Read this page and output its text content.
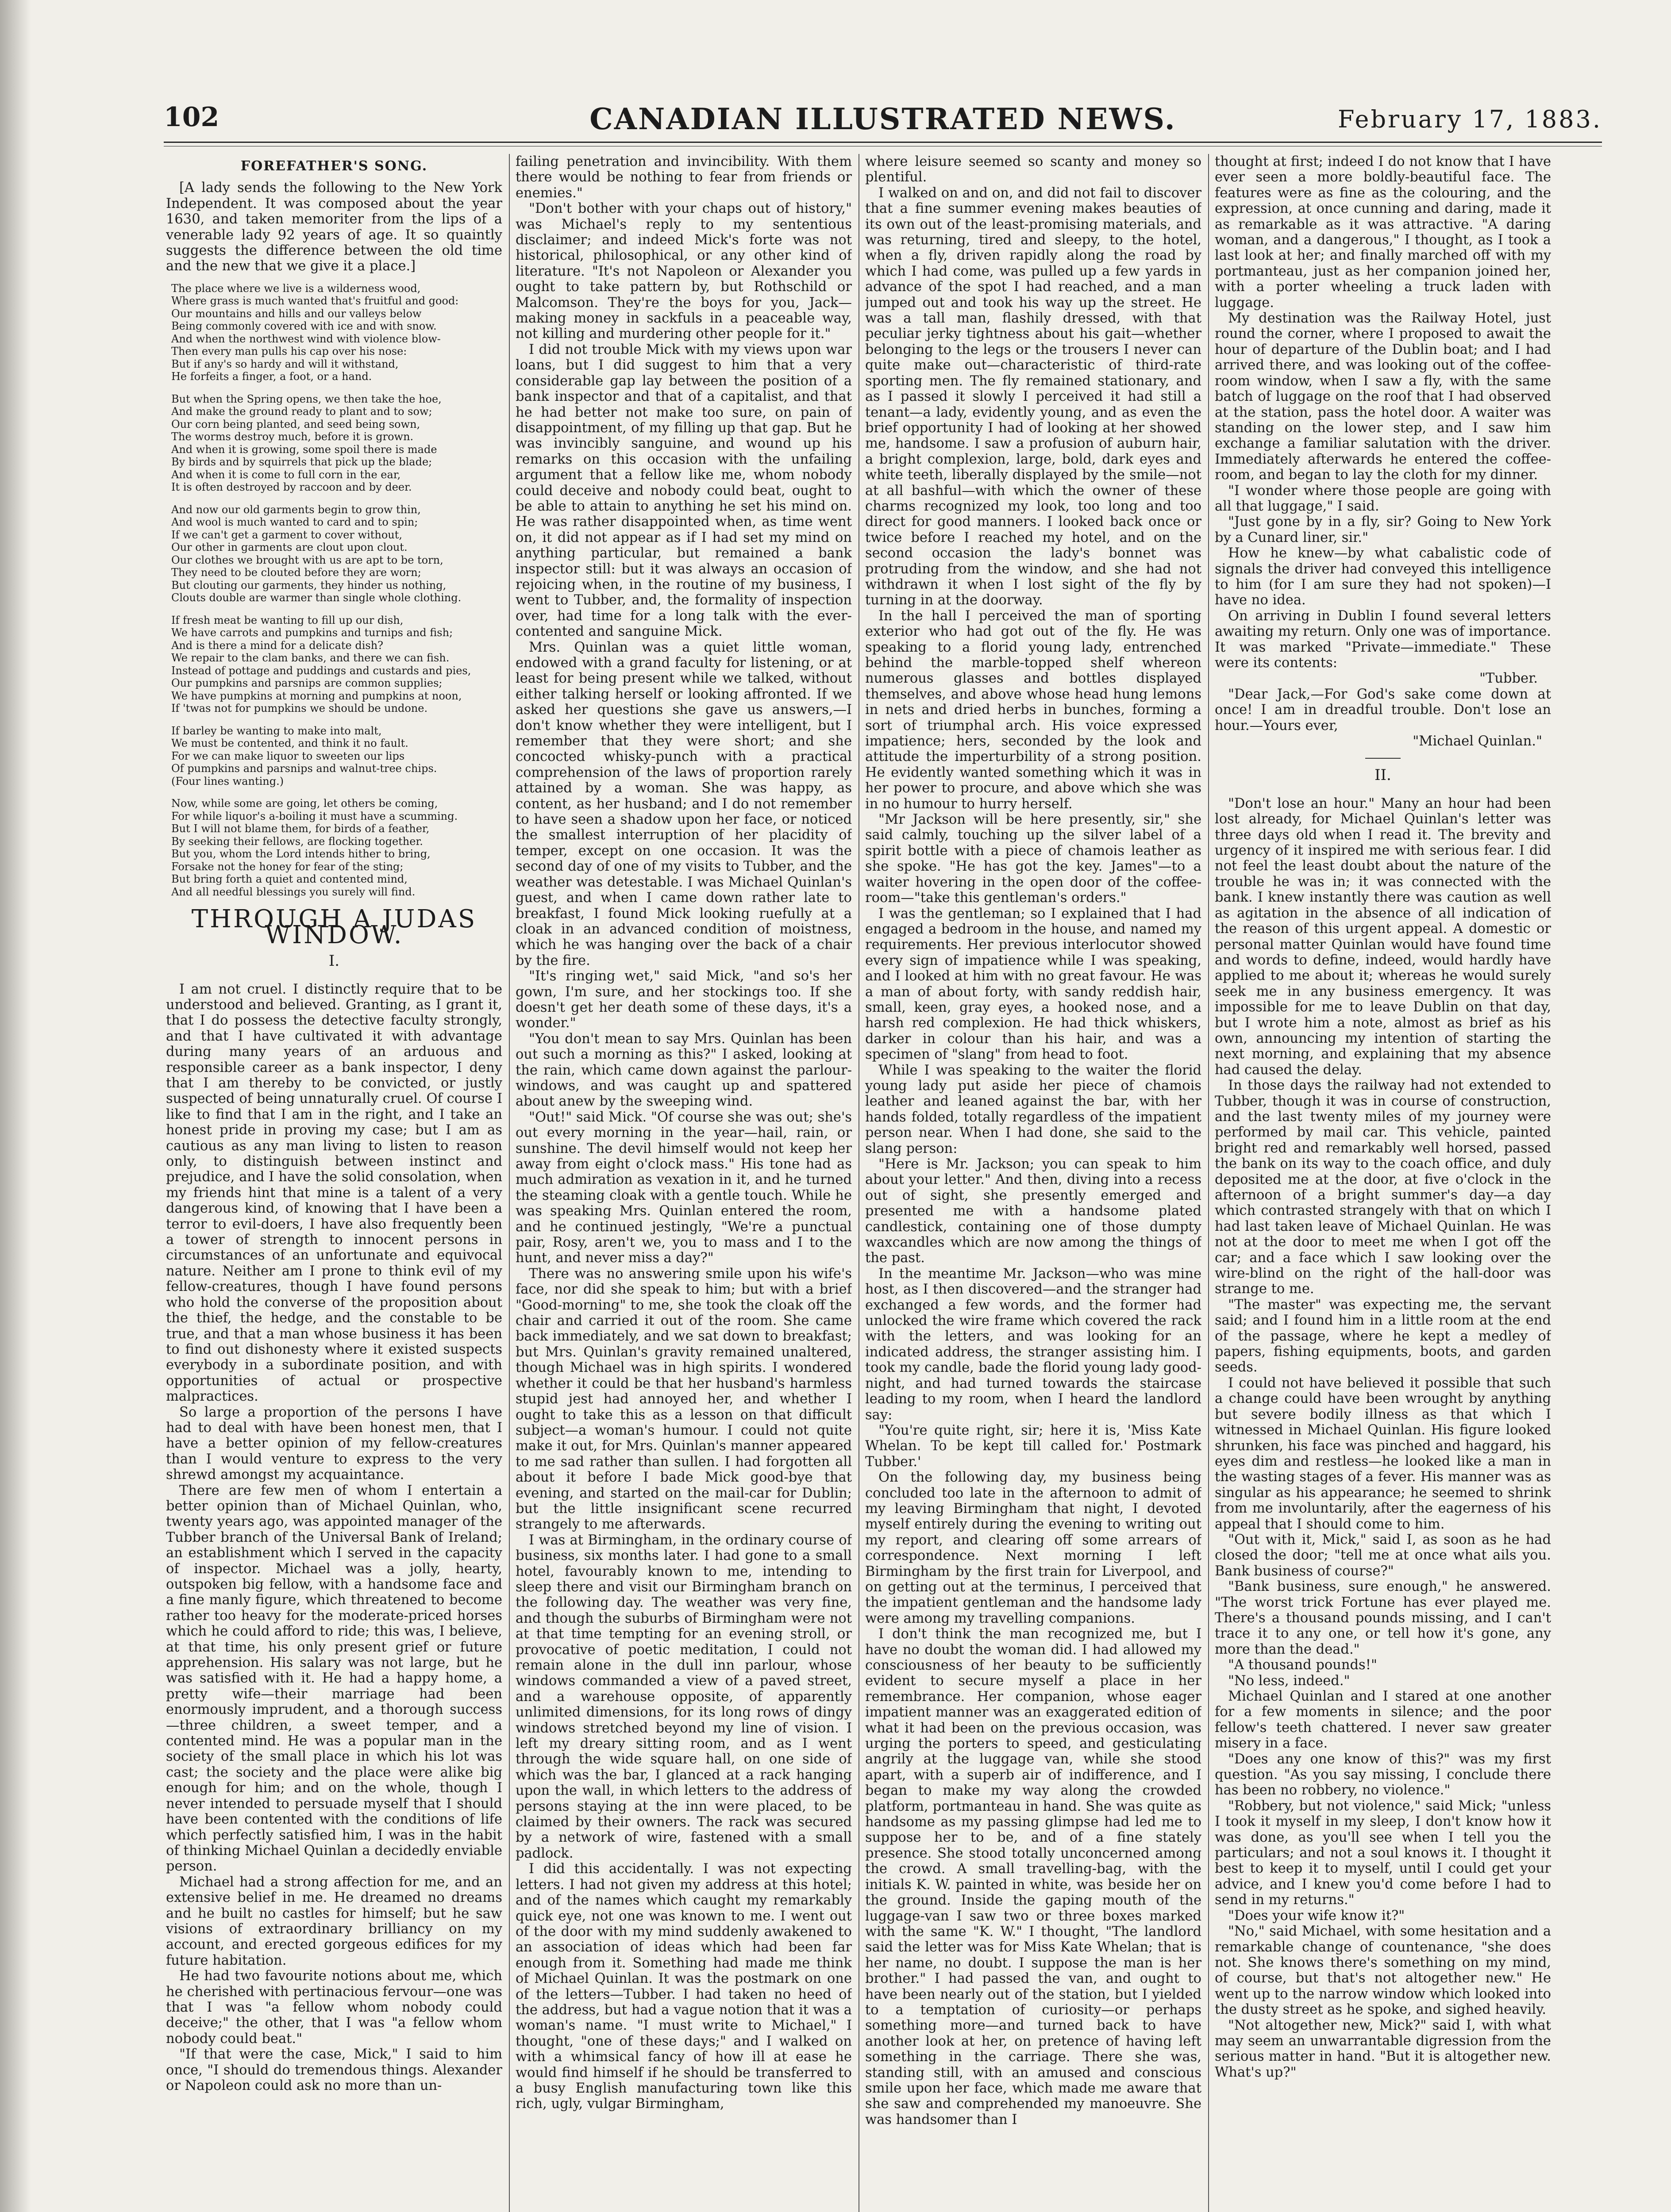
102	CANADIAN ILLUSTRATED NEWS.	February 17, 1883.
FOREFATHER'S SONG.

[A lady sends the following to the New York Independent. It was composed about the year 1630, and taken memoriter from the lips of a venerable lady 92 years of age. It so quaintly suggests the difference between the old time and the new that we give it a place.]

The place where we live is a wilderness wood,
Where grass is much wanted that's fruitful and good:
Our mountains and hills and our valleys below
Being commonly covered with ice and with snow.
And when the northwest wind with violence blow-
Then every man pulls his cap over his nose:
But if any's so hardy and will it withstand,
He forfeits a finger, a foot, or a hand.
But when the Spring opens, we then take the hoe,
And make the ground ready to plant and to sow;
Our corn being planted, and seed being sown,
The worms destroy much, before it is grown.
And when it is growing, some spoil there is made
By birds and by squirrels that pick up the blade;
And when it is come to full corn in the ear,
It is often destroyed by raccoon and by deer.
And now our old garments begin to grow thin,
And wool is much wanted to card and to spin;
If we can't get a garment to cover without,
Our other in garments are clout upon clout.
Our clothes we brought with us are apt to be torn,
They need to be clouted before they are worn;
But clouting our garments, they hinder us nothing,
Clouts double are warmer than single whole clothing.
If fresh meat be wanting to fill up our dish,
We have carrots and pumpkins and turnips and fish;
And is there a mind for a delicate dish?
We repair to the clam banks, and there we can fish.
Instead of pottage and puddings and custards and pies,
Our pumpkins and parsnips are common supplies;
We have pumpkins at morning and pumpkins at noon,
If 'twas not for pumpkins we should be undone.
If barley be wanting to make into malt,
We must be contented, and think it no fault.
For we can make liquor to sweeten our lips
Of pumpkins and parsnips and walnut-tree chips.
(Four lines wanting.)
Now, while some are going, let others be coming,
For while liquor's a-boiling it must have a scumming.
But I will not blame them, for birds of a feather,
By seeking their fellows, are flocking together.
But you, whom the Lord intends hither to bring,
Forsake not the honey for fear of the sting;
But bring forth a quiet and contented mind,
And all needful blessings you surely will find.
THROUGH A JUDAS WINDOW.
I.

I am not cruel. I distinctly require that to be understood and believed. Granting, as I grant it, that I do possess the detective faculty strongly, and that I have cultivated it with advantage during many years of an arduous and responsible career as a bank inspector, I deny that I am thereby to be convicted, or justly suspected of being unnaturally cruel. Of course I like to find that I am in the right, and I take an honest pride in proving my case; but I am as cautious as any man living to listen to reason only, to distinguish between instinct and prejudice, and I have the solid consolation, when my friends hint that mine is a talent of a very dangerous kind, of knowing that I have been a terror to evil-doers, I have also frequently been a tower of strength to innocent persons in circumstances of an unfortunate and equivocal nature. Neither am I prone to think evil of my fellow-creatures, though I have found persons who hold the converse of the proposition about the thief, the hedge, and the constable to be true, and that a man whose business it has been to find out dishonesty where it existed suspects everybody in a subordinate position, and with opportunities of actual or prospective malpractices.

So large a proportion of the persons I have had to deal with have been honest men, that I have a better opinion of my fellow-creatures than I would venture to express to the very shrewd amongst my acquaintance.

There are few men of whom I entertain a better opinion than of Michael Quinlan, who, twenty years ago, was appointed manager of the Tubber branch of the Universal Bank of Ireland; an establishment which I served in the capacity of inspector. Michael was a jolly, hearty, outspoken big fellow, with a handsome face and a fine manly figure, which threatened to become rather too heavy for the moderate-priced horses which he could afford to ride; this was, I believe, at that time, his only present grief or future apprehension. His salary was not large, but he was satisfied with it. He had a happy home, a pretty wife—their marriage had been enormously imprudent, and a thorough success—three children, a sweet temper, and a contented mind. He was a popular man in the society of the small place in which his lot was cast; the society and the place were alike big enough for him; and on the whole, though I never intended to persuade myself that I should have been contented with the conditions of life which perfectly satisfied him, I was in the habit of thinking Michael Quinlan a decidedly enviable person.

Michael had a strong affection for me, and an extensive belief in me. He dreamed no dreams and he built no castles for himself; but he saw visions of extraordinary brilliancy on my account, and erected gorgeous edifices for my future habitation.

He had two favourite notions about me, which he cherished with pertinacious fervour—one was that I was "a fellow whom nobody could deceive;" the other, that I was "a fellow whom nobody could beat."

"If that were the case, Mick," I said to him once, "I should do tremendous things. Alexander or Napoleon could ask no more than un-

failing penetration and invincibility. With them there would be nothing to fear from friends or enemies."

"Don't bother with your chaps out of history," was Michael's reply to my sententious disclaimer; and indeed Mick's forte was not historical, philosophical, or any other kind of literature. "It's not Napoleon or Alexander you ought to take pattern by, but Rothschild or Malcomson. They're the boys for you, Jack—making money in sackfuls in a peaceable way, not killing and murdering other people for it."

I did not trouble Mick with my views upon war loans, but I did suggest to him that a very considerable gap lay between the position of a bank inspector and that of a capitalist, and that he had better not make too sure, on pain of disappointment, of my filling up that gap. But he was invincibly sanguine, and wound up his remarks on this occasion with the unfailing argument that a fellow like me, whom nobody could deceive and nobody could beat, ought to be able to attain to anything he set his mind on. He was rather disappointed when, as time went on, it did not appear as if I had set my mind on anything particular, but remained a bank inspector still: but it was always an occasion of rejoicing when, in the routine of my business, I went to Tubber, and, the formality of inspection over, had time for a long talk with the ever-contented and sanguine Mick.

Mrs. Quinlan was a quiet little woman, endowed with a grand faculty for listening, or at least for being present while we talked, without either talking herself or looking affronted. If we asked her questions she gave us answers,—I don't know whether they were intelligent, but I remember that they were short; and she concocted whisky-punch with a practical comprehension of the laws of proportion rarely attained by a woman. She was happy, as content, as her husband; and I do not remember to have seen a shadow upon her face, or noticed the smallest interruption of her placidity of temper, except on one occasion. It was the second day of one of my visits to Tubber, and the weather was detestable. I was Michael Quinlan's guest, and when I came down rather late to breakfast, I found Mick looking ruefully at a cloak in an advanced condition of moistness, which he was hanging over the back of a chair by the fire.

"It's ringing wet," said Mick, "and so's her gown, I'm sure, and her stockings too. If she doesn't get her death some of these days, it's a wonder."

"You don't mean to say Mrs. Quinlan has been out such a morning as this?" I asked, looking at the rain, which came down against the parlour-windows, and was caught up and spattered about anew by the sweeping wind.

"Out!" said Mick. "Of course she was out; she's out every morning in the year—hail, rain, or sunshine. The devil himself would not keep her away from eight o'clock mass." His tone had as much admiration as vexation in it, and he turned the steaming cloak with a gentle touch. While he was speaking Mrs. Quinlan entered the room, and he continued jestingly, "We're a punctual pair, Rosy, aren't we, you to mass and I to the hunt, and never miss a day?"

There was no answering smile upon his wife's face, nor did she speak to him; but with a brief "Good-morning" to me, she took the cloak off the chair and carried it out of the room. She came back immediately, and we sat down to breakfast; but Mrs. Quinlan's gravity remained unaltered, though Michael was in high spirits. I wondered whether it could be that her husband's harmless stupid jest had annoyed her, and whether I ought to take this as a lesson on that difficult subject—a woman's humour. I could not quite make it out, for Mrs. Quinlan's manner appeared to me sad rather than sullen. I had forgotten all about it before I bade Mick good-bye that evening, and started on the mail-car for Dublin; but the little insignificant scene recurred strangely to me afterwards.

I was at Birmingham, in the ordinary course of business, six months later. I had gone to a small hotel, favourably known to me, intending to sleep there and visit our Birmingham branch on the following day. The weather was very fine, and though the suburbs of Birmingham were not at that time tempting for an evening stroll, or provocative of poetic meditation, I could not remain alone in the dull inn parlour, whose windows commanded a view of a paved street, and a warehouse opposite, of apparently unlimited dimensions, for its long rows of dingy windows stretched beyond my line of vision. I left my dreary sitting room, and as I went through the wide square hall, on one side of which was the bar, I glanced at a rack hanging upon the wall, in which letters to the address of persons staying at the inn were placed, to be claimed by their owners. The rack was secured by a network of wire, fastened with a small padlock.

I did this accidentally. I was not expecting letters. I had not given my address at this hotel; and of the names which caught my remarkably quick eye, not one was known to me. I went out of the door with my mind suddenly awakened to an association of ideas which had been far enough from it. Something had made me think of Michael Quinlan. It was the postmark on one of the letters—Tubber. I had taken no heed of the address, but had a vague notion that it was a woman's name. "I must write to Michael," I thought, "one of these days;" and I walked on with a whimsical fancy of how ill at ease he would find himself if he should be transferred to a busy English manufacturing town like this rich, ugly, vulgar Birmingham,

where leisure seemed so scanty and money so plentiful.

I walked on and on, and did not fail to discover that a fine summer evening makes beauties of its own out of the least-promising materials, and was returning, tired and sleepy, to the hotel, when a fly, driven rapidly along the road by which I had come, was pulled up a few yards in advance of the spot I had reached, and a man jumped out and took his way up the street. He was a tall man, flashily dressed, with that peculiar jerky tightness about his gait—whether belonging to the legs or the trousers I never can quite make out—characteristic of third-rate sporting men. The fly remained stationary, and as I passed it slowly I perceived it had still a tenant—a lady, evidently young, and as even the brief opportunity I had of looking at her showed me, handsome. I saw a profusion of auburn hair, a bright complexion, large, bold, dark eyes and white teeth, liberally displayed by the smile—not at all bashful—with which the owner of these charms recognized my look, too long and too direct for good manners. I looked back once or twice before I reached my hotel, and on the second occasion the lady's bonnet was protruding from the window, and she had not withdrawn it when I lost sight of the fly by turning in at the doorway.

In the hall I perceived the man of sporting exterior who had got out of the fly. He was speaking to a florid young lady, entrenched behind the marble-topped shelf whereon numerous glasses and bottles displayed themselves, and above whose head hung lemons in nets and dried herbs in bunches, forming a sort of triumphal arch. His voice expressed impatience; hers, seconded by the look and attitude the imperturbility of a strong position. He evidently wanted something which it was in her power to procure, and above which she was in no humour to hurry herself.

"Mr Jackson will be here presently, sir," she said calmly, touching up the silver label of a spirit bottle with a piece of chamois leather as she spoke. "He has got the key. James"—to a waiter hovering in the open door of the coffee-room—"take this gentleman's orders."

I was the gentleman; so I explained that I had engaged a bedroom in the house, and named my requirements. Her previous interlocutor showed every sign of impatience while I was speaking, and I looked at him with no great favour. He was a man of about forty, with sandy reddish hair, small, keen, gray eyes, a hooked nose, and a harsh red complexion. He had thick whiskers, darker in colour than his hair, and was a specimen of "slang" from head to foot.

While I was speaking to the waiter the florid young lady put aside her piece of chamois leather and leaned against the bar, with her hands folded, totally regardless of the impatient person near. When I had done, she said to the slang person:

"Here is Mr. Jackson; you can speak to him about your letter." And then, diving into a recess out of sight, she presently emerged and presented me with a handsome plated candlestick, containing one of those dumpty waxcandles which are now among the things of the past.

In the meantime Mr. Jackson—who was mine host, as I then discovered—and the stranger had exchanged a few words, and the former had unlocked the wire frame which covered the rack with the letters, and was looking for an indicated address, the stranger assisting him. I took my candle, bade the florid young lady good-night, and had turned towards the staircase leading to my room, when I heard the landlord say:

"You're quite right, sir; here it is, 'Miss Kate Whelan. To be kept till called for.' Postmark Tubber.'

On the following day, my business being concluded too late in the afternoon to admit of my leaving Birmingham that night, I devoted myself entirely during the evening to writing out my report, and clearing off some arrears of correspondence. Next morning I left Birmingham by the first train for Liverpool, and on getting out at the terminus, I perceived that the impatient gentleman and the handsome lady were among my travelling companions.

I don't think the man recognized me, but I have no doubt the woman did. I had allowed my consciousness of her beauty to be sufficiently evident to secure myself a place in her remembrance. Her companion, whose eager impatient manner was an exaggerated edition of what it had been on the previous occasion, was urging the porters to speed, and gesticulating angrily at the luggage van, while she stood apart, with a superb air of indifference, and I began to make my way along the crowded platform, portmanteau in hand. She was quite as handsome as my passing glimpse had led me to suppose her to be, and of a fine stately presence. She stood totally unconcerned among the crowd. A small travelling-bag, with the initials K. W. painted in white, was beside her on the ground. Inside the gaping mouth of the luggage-van I saw two or three boxes marked with the same "K. W." I thought, "The landlord said the letter was for Miss Kate Whelan; that is her name, no doubt. I suppose the man is her brother." I had passed the van, and ought to have been nearly out of the station, but I yielded to a temptation of curiosity—or perhaps something more—and turned back to have another look at her, on pretence of having left something in the carriage. There she was, standing still, with an amused and conscious smile upon her face, which made me aware that she saw and comprehended my manoeuvre. She was handsomer than I

thought at first; indeed I do not know that I have ever seen a more boldly-beautiful face. The features were as fine as the colouring, and the expression, at once cunning and daring, made it as remarkable as it was attractive. "A daring woman, and a dangerous," I thought, as I took a last look at her; and finally marched off with my portmanteau, just as her companion joined her, with a porter wheeling a truck laden with luggage.

My destination was the Railway Hotel, just round the corner, where I proposed to await the hour of departure of the Dublin boat; and I had arrived there, and was looking out of the coffee-room window, when I saw a fly, with the same batch of luggage on the roof that I had observed at the station, pass the hotel door. A waiter was standing on the lower step, and I saw him exchange a familiar salutation with the driver. Immediately afterwards he entered the coffee-room, and began to lay the cloth for my dinner.

"I wonder where those people are going with all that luggage," I said.

"Just gone by in a fly, sir? Going to New York by a Cunard liner, sir."

How he knew—by what cabalistic code of signals the driver had conveyed this intelligence to him (for I am sure they had not spoken)—I have no idea.

On arriving in Dublin I found several letters awaiting my return. Only one was of importance. It was marked "Private—immediate." These were its contents:

"Tubber.

"Dear Jack,—For God's sake come down at once! I am in dreadful trouble. Don't lose an hour.—Yours ever,

"Michael Quinlan."

II.

"Don't lose an hour." Many an hour had been lost already, for Michael Quinlan's letter was three days old when I read it. The brevity and urgency of it inspired me with serious fear. I did not feel the least doubt about the nature of the trouble he was in; it was connected with the bank. I knew instantly there was caution as well as agitation in the absence of all indication of the reason of this urgent appeal. A domestic or personal matter Quinlan would have found time and words to define, indeed, would hardly have applied to me about it; whereas he would surely seek me in any business emergency. It was impossible for me to leave Dublin on that day, but I wrote him a note, almost as brief as his own, announcing my intention of starting the next morning, and explaining that my absence had caused the delay.

In those days the railway had not extended to Tubber, though it was in course of construction, and the last twenty miles of my journey were performed by mail car. This vehicle, painted bright red and remarkably well horsed, passed the bank on its way to the coach office, and duly deposited me at the door, at five o'clock in the afternoon of a bright summer's day—a day which contrasted strangely with that on which I had last taken leave of Michael Quinlan. He was not at the door to meet me when I got off the car; and a face which I saw looking over the wire-blind on the right of the hall-door was strange to me.

"The master" was expecting me, the servant said; and I found him in a little room at the end of the passage, where he kept a medley of papers, fishing equipments, boots, and garden seeds.

I could not have believed it possible that such a change could have been wrought by anything but severe bodily illness as that which I witnessed in Michael Quinlan. His figure looked shrunken, his face was pinched and haggard, his eyes dim and restless—he looked like a man in the wasting stages of a fever. His manner was as singular as his appearance; he seemed to shrink from me involuntarily, after the eagerness of his appeal that I should come to him.

"Out with it, Mick," said I, as soon as he had closed the door; "tell me at once what ails you. Bank business of course?"

"Bank business, sure enough," he answered. "The worst trick Fortune has ever played me. There's a thousand pounds missing, and I can't trace it to any one, or tell how it's gone, any more than the dead."

"A thousand pounds!"

"No less, indeed."

Michael Quinlan and I stared at one another for a few moments in silence; and the poor fellow's teeth chattered. I never saw greater misery in a face.

"Does any one know of this?" was my first question. "As you say missing, I conclude there has been no robbery, no violence."

"Robbery, but not violence," said Mick; "unless I took it myself in my sleep, I don't know how it was done, as you'll see when I tell you the particulars; and not a soul knows it. I thought it best to keep it to myself, until I could get your advice, and I knew you'd come before I had to send in my returns."

"Does your wife know it?"

"No," said Michael, with some hesitation and a remarkable change of countenance, "she does not. She knows there's something on my mind, of course, but that's not altogether new." He went up to the narrow window which looked into the dusty street as he spoke, and sighed heavily.

"Not altogether new, Mick?" said I, with what may seem an unwarrantable digression from the serious matter in hand. "But it is altogether new. What's up?"
